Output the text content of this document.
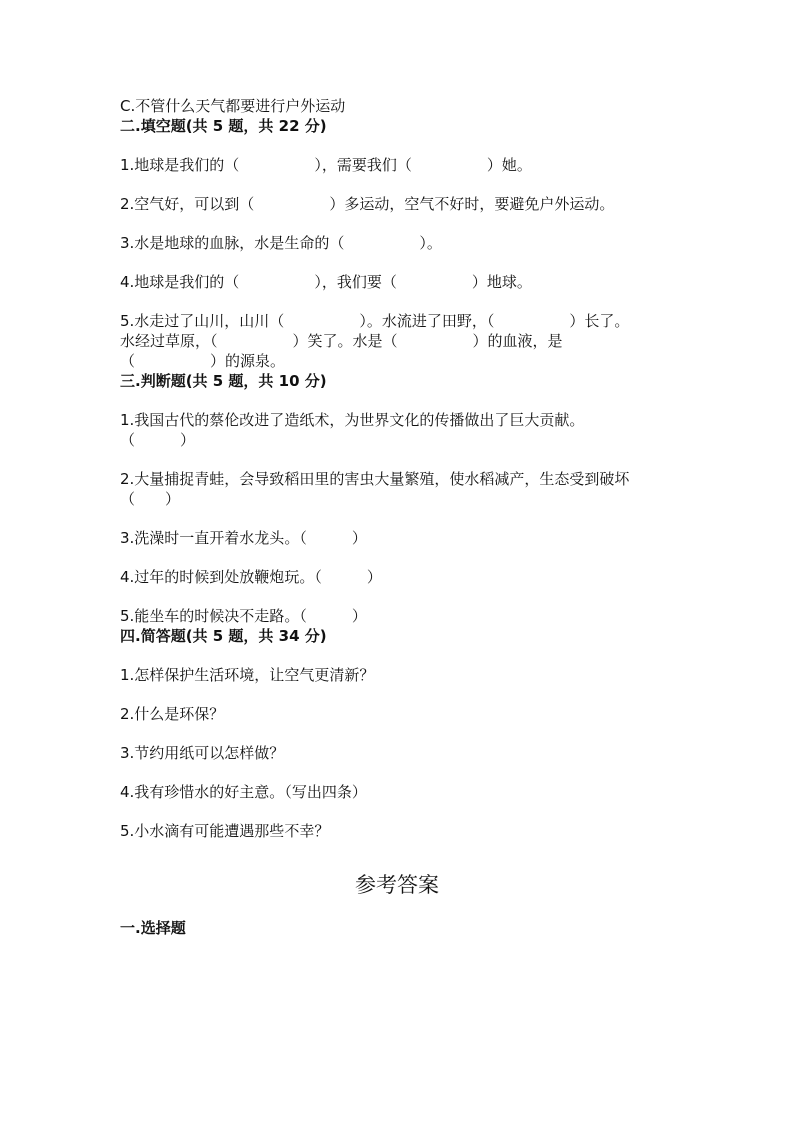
C.不管什么天气都要进行户外运动

二.填空题(共 5 题，共 22 分)

1.地球是我们的（　　　　　），需要我们（　　　　　）她。

2.空气好，可以到（　　　　　）多运动，空气不好时，要避免户外运动。

3.水是地球的血脉，水是生命的（　　　　　）。

4.地球是我们的（　　　　　），我们要（　　　　　）地球。

5.水走过了山川，山川（　　　　　）。水流进了田野，（　　　　　）长了。

水经过草原，（　　　　　）笑了。水是（　　　　　）的血液，是

（　　　　　）的源泉。

三.判断题(共 5 题，共 10 分)

1.我国古代的蔡伦改进了造纸术，为世界文化的传播做出了巨大贡献。

（　　　）

2.大量捕捉青蛙，会导致稻田里的害虫大量繁殖，使水稻减产，生态受到破坏

（　　）

3.洗澡时一直开着水龙头。（　　　）

4.过年的时候到处放鞭炮玩。（　　　）

5.能坐车的时候决不走路。（　　　）

四.简答题(共 5 题，共 34 分)

1.怎样保护生活环境，让空气更清新？

2.什么是环保？

3.节约用纸可以怎样做？

4.我有珍惜水的好主意。（写出四条）

5.小水滴有可能遭遇那些不幸？

参考答案

一.选择题
